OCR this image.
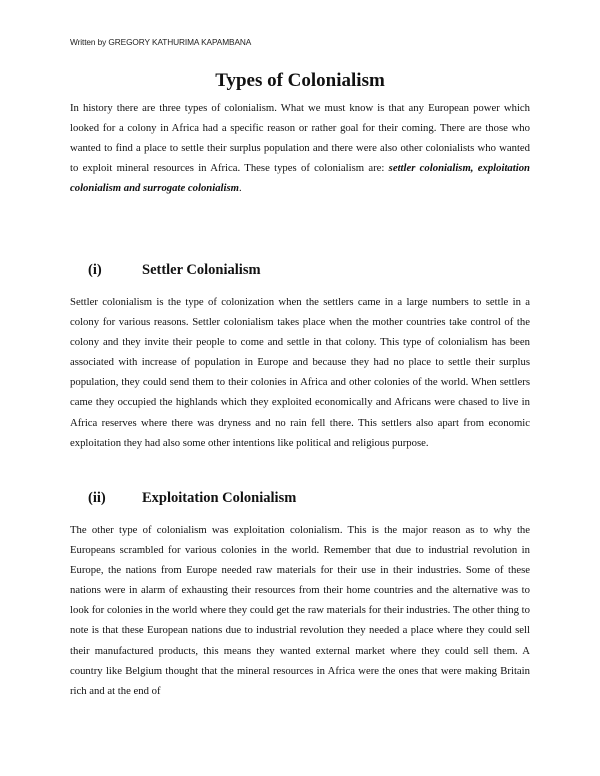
Written by GREGORY KATHURIMA KAPAMBANA
Types of Colonialism
In history there are three types of colonialism. What we must know is that any European power which looked for a colony in Africa had a specific reason or rather goal for their coming. There are those who wanted to find a place to settle their surplus population and there were also other colonialists who wanted to exploit mineral resources in Africa. These types of colonialism are: settler colonialism, exploitation colonialism and surrogate colonialism.
(i)	Settler Colonialism
Settler colonialism is the type of colonization when the settlers came in a large numbers to settle in a colony for various reasons. Settler colonialism takes place when the mother countries take control of the colony and they invite their people to come and settle in that colony. This type of colonialism has been associated with increase of population in Europe and because they had no place to settle their surplus population, they could send them to their colonies in Africa and other colonies of the world. When settlers came they occupied the highlands which they exploited economically and Africans were chased to live in Africa reserves where there was dryness and no rain fell there. This settlers also apart from economic exploitation they had also some other intentions like political and religious purpose.
(ii)	Exploitation Colonialism
The other type of colonialism was exploitation colonialism. This is the major reason as to why the Europeans scrambled for various colonies in the world. Remember that due to industrial revolution in Europe, the nations from Europe needed raw materials for their use in their industries. Some of these nations were in alarm of exhausting their resources from their home countries and the alternative was to look for colonies in the world where they could get the raw materials for their industries. The other thing to note is that these European nations due to industrial revolution they needed a place where they could sell their manufactured products, this means they wanted external market where they could sell them. A country like Belgium thought that the mineral resources in Africa were the ones that were making Britain rich and at the end of
